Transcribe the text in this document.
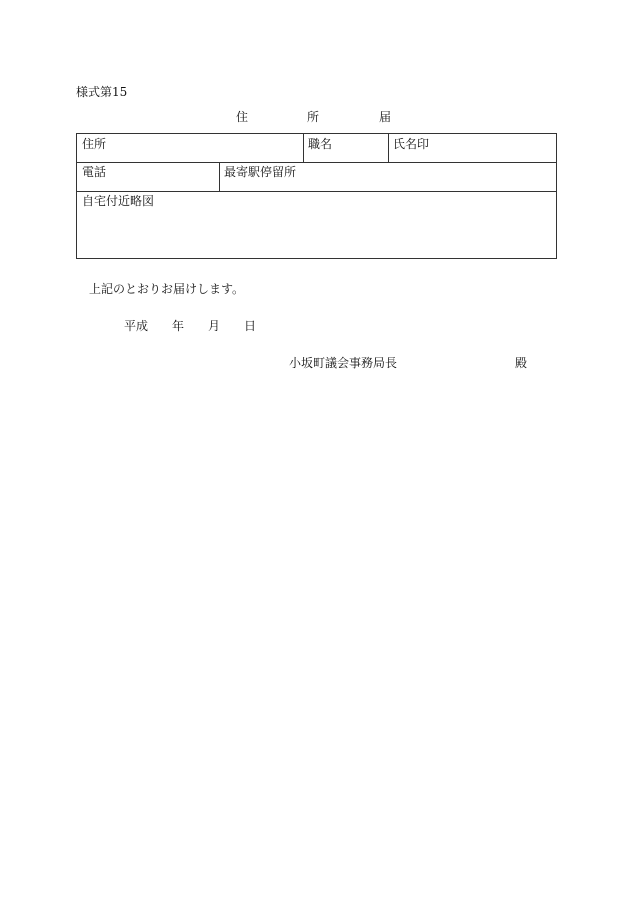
様式第15
住	所	届
住所	職名	氏名印
電話	最寄駅停留所
自宅付近略図
上記のとおりお届けします。
平成 年 月 日
小坂町議会事務局長	殿
